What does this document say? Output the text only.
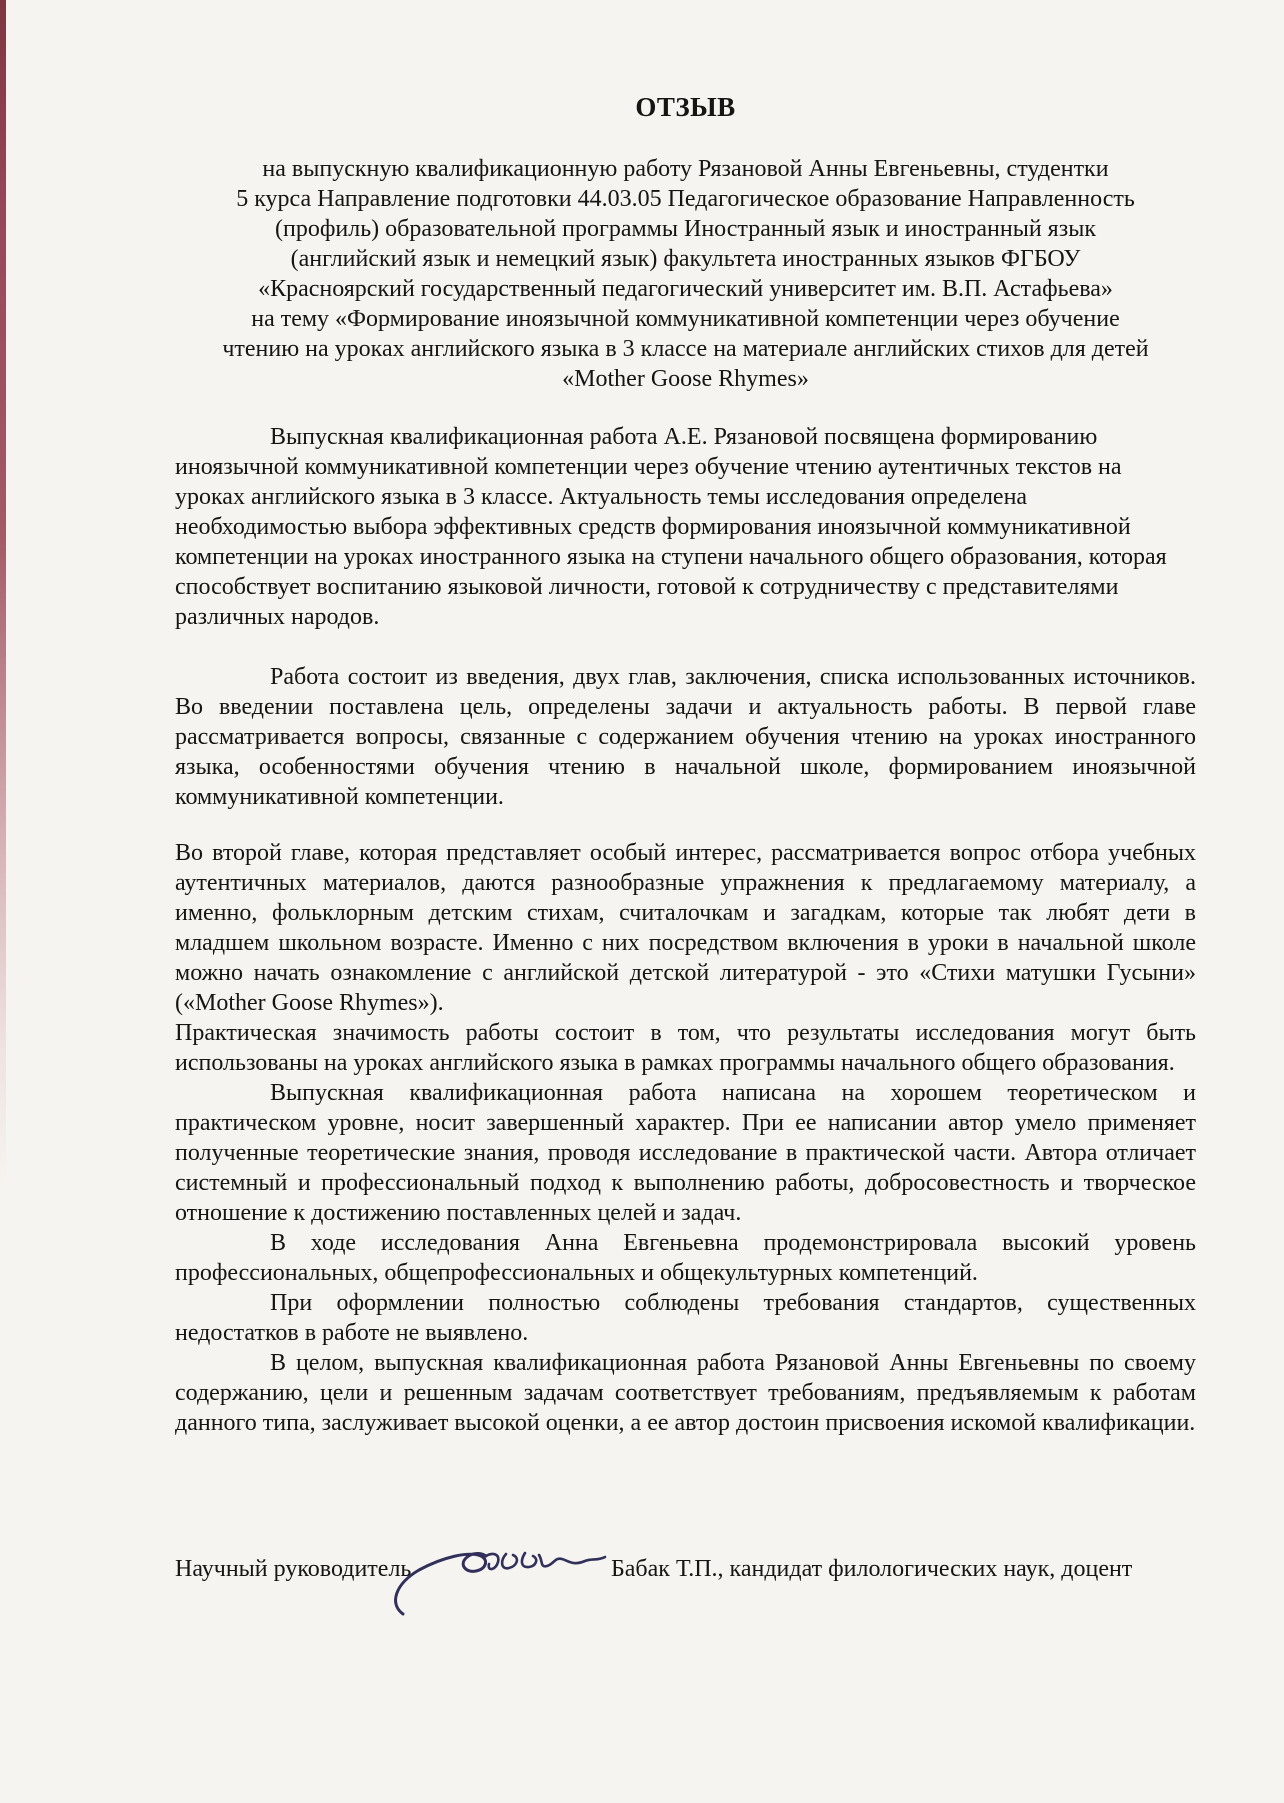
ОТЗЫВ
на выпускную квалификационную работу Рязановой Анны Евгеньевны, студентки
5 курса Направление подготовки 44.03.05 Педагогическое образование Направленность
(профиль) образовательной программы Иностранный язык и иностранный язык
(английский язык и немецкий язык) факультета иностранных языков ФГБОУ
«Красноярский государственный педагогический университет им. В.П. Астафьева»
на тему «Формирование иноязычной коммуникативной компетенции через обучение
чтению на уроках английского языка в 3 классе на материале английских стихов для детей
«Mother Goose Rhymes»
Выпускная квалификационная работа А.Е. Рязановой посвящена формированию иноязычной коммуникативной компетенции через обучение чтению аутентичных текстов на уроках английского языка в 3 классе. Актуальность темы исследования определена необходимостью выбора эффективных средств формирования иноязычной коммуникативной компетенции на уроках иностранного языка на ступени начального общего образования, которая способствует воспитанию языковой личности, готовой к сотрудничеству с представителями различных народов.
Работа состоит из введения, двух глав, заключения, списка использованных источников. Во введении поставлена цель, определены задачи и актуальность работы. В первой главе рассматривается вопросы, связанные с содержанием обучения чтению на уроках иностранного языка, особенностями обучения чтению в начальной школе, формированием иноязычной коммуникативной компетенции.
Во второй главе, которая представляет особый интерес, рассматривается вопрос отбора учебных аутентичных материалов, даются разнообразные упражнения к предлагаемому материалу, а именно, фольклорным детским стихам, считалочкам и загадкам, которые так любят дети в младшем школьном возрасте. Именно с них посредством включения в уроки в начальной школе можно начать ознакомление с английской детской литературой - это «Стихи матушки Гусыни» («Mother Goose Rhymes»).
Практическая значимость работы состоит в том, что результаты исследования могут быть использованы на уроках английского языка в рамках программы начального общего образования.
Выпускная квалификационная работа написана на хорошем теоретическом и практическом уровне, носит завершенный характер. При ее написании автор умело применяет полученные теоретические знания, проводя исследование в практической части. Автора отличает системный и профессиональный подход к выполнению работы, добросовестность и творческое отношение к достижению поставленных целей и задач.
В ходе исследования Анна Евгеньевна продемонстрировала высокий уровень профессиональных, общепрофессиональных и общекультурных компетенций.
При оформлении полностью соблюдены требования стандартов, существенных недостатков в работе не выявлено.
В целом, выпускная квалификационная работа Рязановой Анны Евгеньевны по своему содержанию, цели и решенным задачам соответствует требованиям, предъявляемым к работам данного типа, заслуживает высокой оценки, а ее автор достоин присвоения искомой квалификации.
Научный руководитель	Бабак Т.П., кандидат филологических наук, доцент
